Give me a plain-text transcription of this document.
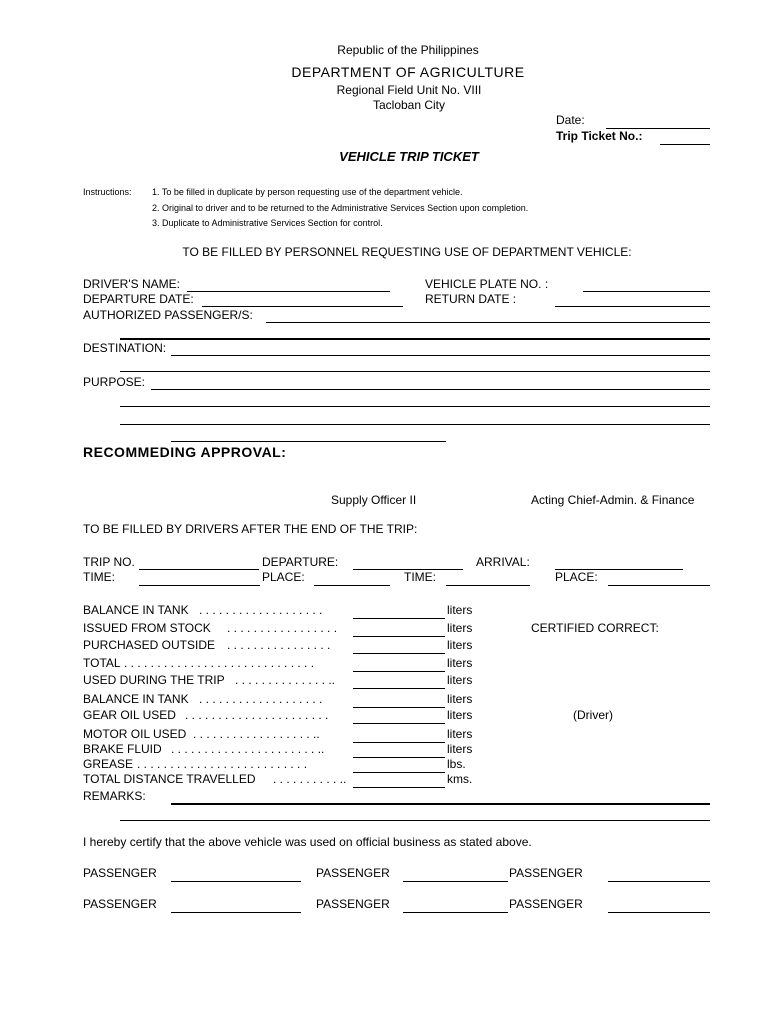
Republic of the Philippines
DEPARTMENT OF AGRICULTURE
Regional Field Unit No. VIII
Tacloban City
Date:
Trip Ticket No.:
VEHICLE TRIP TICKET
Instructions: 1. To be filled in duplicate by person requesting use of the department vehicle.
2. Original to driver and to be returned to the Administrative Services Section upon completion.
3. Duplicate to Administrative Services Section for control.
TO BE FILLED BY PERSONNEL REQUESTING USE OF DEPARTMENT VEHICLE:
DRIVER'S NAME:	VEHICLE PLATE NO. :
DEPARTURE DATE:	RETURN DATE :
AUTHORIZED PASSENGER/S:
DESTINATION:
PURPOSE:
RECOMMEDING APPROVAL:
Supply Officer II	Acting Chief-Admin. & Finance
TO BE FILLED BY DRIVERS AFTER THE END OF THE TRIP:
TRIP NO.	DEPARTURE:	ARRIVAL:
TIME:	PLACE:	TIME:	PLACE:
BALANCE IN TANK . . . . . . . . . . . . . . . . . . .	liters
ISSUED FROM STOCK . . . . . . . . . . . . . . . . .	liters
PURCHASED OUTSIDE . . . . . . . . . . . . . . . .	liters
TOTAL . . . . . . . . . . . . . . . . . . . . . . . . . . . . .	liters
USED DURING THE TRIP . . . . . . . . . . . . . . ..	liters
BALANCE IN TANK . . . . . . . . . . . . . . . . . . .	liters
GEAR OIL USED . . . . . . . . . . . . . . . . . . . . . .	liters
MOTOR OIL USED . . . . . . . . . . . . . . . . . . ..	liters
BRAKE FLUID . . . . . . . . . . . . . . . . . . . . . . ..	liters
GREASE . . . . . . . . . . . . . . . . . . . . . . . . . .	lbs.
TOTAL DISTANCE TRAVELLED . . . . . . . . . . ..	kms.
CERTIFIED CORRECT:
(Driver)
REMARKS:
I hereby certify that the above vehicle was used on official business as stated above.
PASSENGER	PASSENGER	PASSENGER
PASSENGER	PASSENGER	PASSENGER
